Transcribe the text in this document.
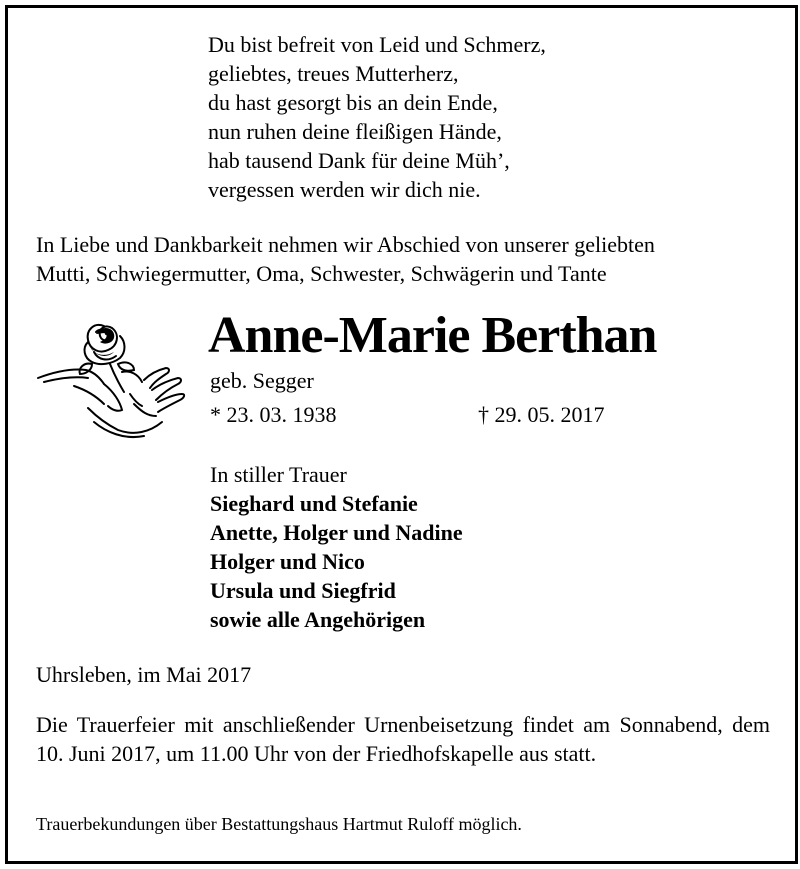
Du bist befreit von Leid und Schmerz,
geliebtes, treues Mutterherz,
du hast gesorgt bis an dein Ende,
nun ruhen deine fleißigen Hände,
hab tausend Dank für deine Müh’,
vergessen werden wir dich nie.
In Liebe und Dankbarkeit nehmen wir Abschied von unserer geliebten
Mutti, Schwiegermutter, Oma, Schwester, Schwägerin und Tante
Anne-Marie Berthan
geb. Segger
* 23. 03. 1938	† 29. 05. 2017
In stiller Trauer
Sieghard und Stefanie
Anette, Holger und Nadine
Holger und Nico
Ursula und Siegfrid
sowie alle Angehörigen
Uhrsleben, im Mai 2017
Die Trauerfeier mit anschließender Urnenbeisetzung findet am Sonnabend, dem 10. Juni 2017, um 11.00 Uhr von der Friedhofskapelle aus statt.
Trauerbekundungen über Bestattungshaus Hartmut Ruloff möglich.
